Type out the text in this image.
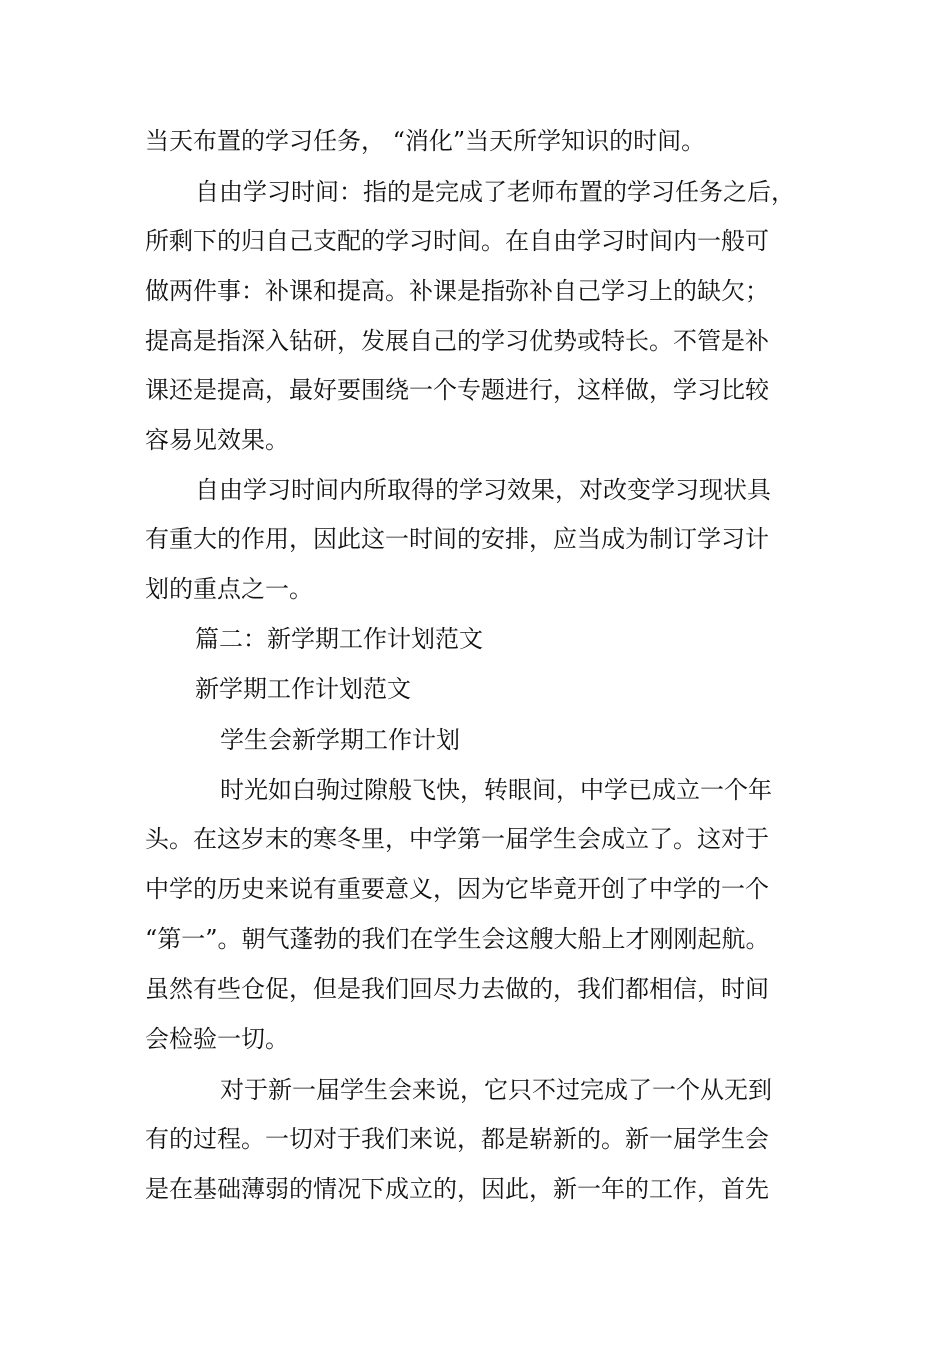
当天布置的学习任务， “消化”当天所学知识的时间。
自由学习时间：指的是完成了老师布置的学习任务之后，
所剩下的归自己支配的学习时间。在自由学习时间内一般可
做两件事：补课和提高。补课是指弥补自己学习上的缺欠；
提高是指深入钻研，发展自己的学习优势或特长。不管是补
课还是提高，最好要围绕一个专题进行，这样做，学习比较
容易见效果。
自由学习时间内所取得的学习效果，对改变学习现状具
有重大的作用，因此这一时间的安排，应当成为制订学习计
划的重点之一。
篇二：新学期工作计划范文
新学期工作计划范文
学生会新学期工作计划
时光如白驹过隙般飞快，转眼间，中学已成立一个年
头。在这岁末的寒冬里，中学第一届学生会成立了。这对于
中学的历史来说有重要意义，因为它毕竟开创了中学的一个
“第一”。朝气蓬勃的我们在学生会这艘大船上才刚刚起航。
虽然有些仓促，但是我们回尽力去做的，我们都相信，时间
会检验一切。
对于新一届学生会来说，它只不过完成了一个从无到
有的过程。一切对于我们来说，都是崭新的。新一届学生会
是在基础薄弱的情况下成立的，因此，新一年的工作，首先
